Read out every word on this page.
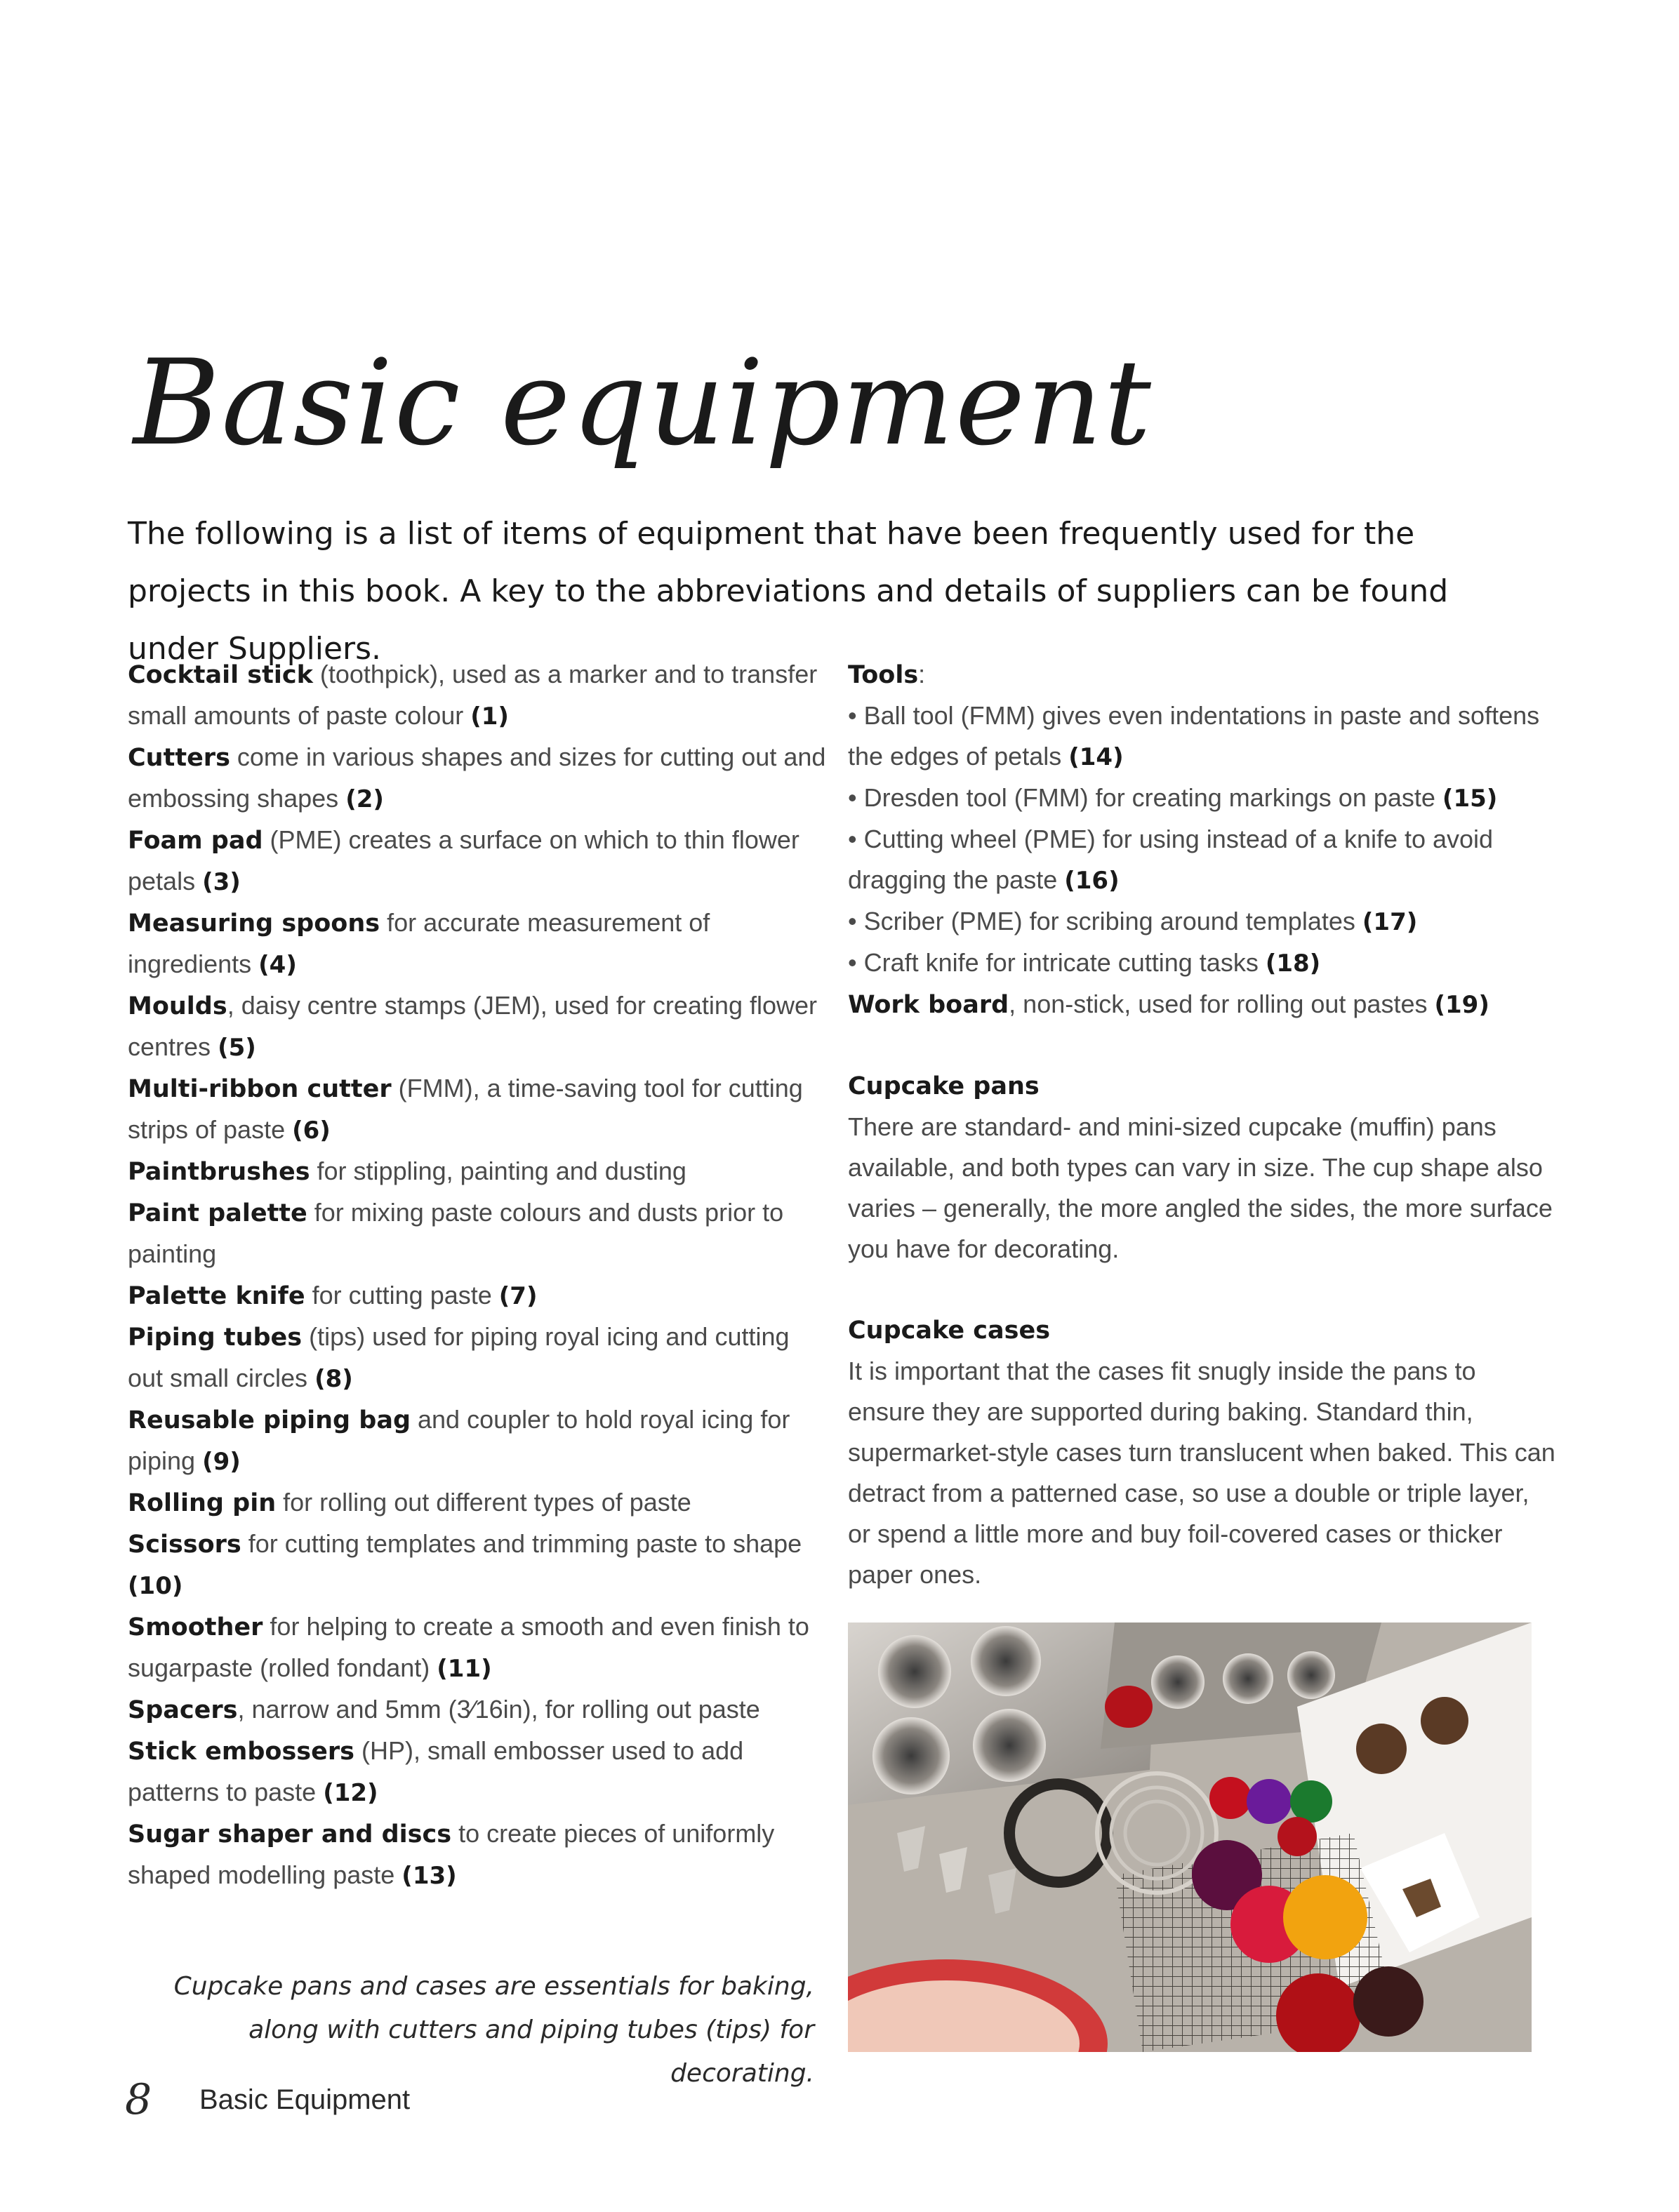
Basic equipment

The following is a list of items of equipment that have been frequently used for the projects in this book. A key to the abbreviations and details of suppliers can be found under Suppliers.

Cocktail stick (toothpick), used as a marker and to transfer small amounts of paste colour (1)

Cutters come in various shapes and sizes for cutting out and embossing shapes (2)

Foam pad (PME) creates a surface on which to thin flower petals (3)

Measuring spoons for accurate measurement of ingredients (4)

Moulds, daisy centre stamps (JEM), used for creating flower centres (5)

Multi-ribbon cutter (FMM), a time-saving tool for cutting strips of paste (6)

Paintbrushes for stippling, painting and dusting

Paint palette for mixing paste colours and dusts prior to painting

Palette knife for cutting paste (7)

Piping tubes (tips) used for piping royal icing and cutting out small circles (8)

Reusable piping bag and coupler to hold royal icing for piping (9)

Rolling pin for rolling out different types of paste

Scissors for cutting templates and trimming paste to shape (10)

Smoother for helping to create a smooth and even finish to sugarpaste (rolled fondant) (11)

Spacers, narrow and 5mm (3⁄16in), for rolling out paste

Stick embossers (HP), small embosser used to add patterns to paste (12)

Sugar shaper and discs to create pieces of uniformly shaped modelling paste (13)

Tools:

• Ball tool (FMM) gives even indentations in paste and softens the edges of petals (14)

• Dresden tool (FMM) for creating markings on paste (15)

• Cutting wheel (PME) for using instead of a knife to avoid dragging the paste (16)

• Scriber (PME) for scribing around templates (17)

• Craft knife for intricate cutting tasks (18)

Work board, non-stick, used for rolling out pastes (19)

Cupcake pans

There are standard- and mini-sized cupcake (muffin) pans available, and both types can vary in size. The cup shape also varies – generally, the more angled the sides, the more surface you have for decorating.

Cupcake cases

It is important that the cases fit snugly inside the pans to ensure they are supported during baking. Standard thin, supermarket-style cases turn translucent when baked. This can detract from a patterned case, so use a double or triple layer, or spend a little more and buy foil-covered cases or thicker paper ones.

Cupcake pans and cases are essentials for baking, along with cutters and piping tubes (tips) for decorating.

8 Basic Equipment
